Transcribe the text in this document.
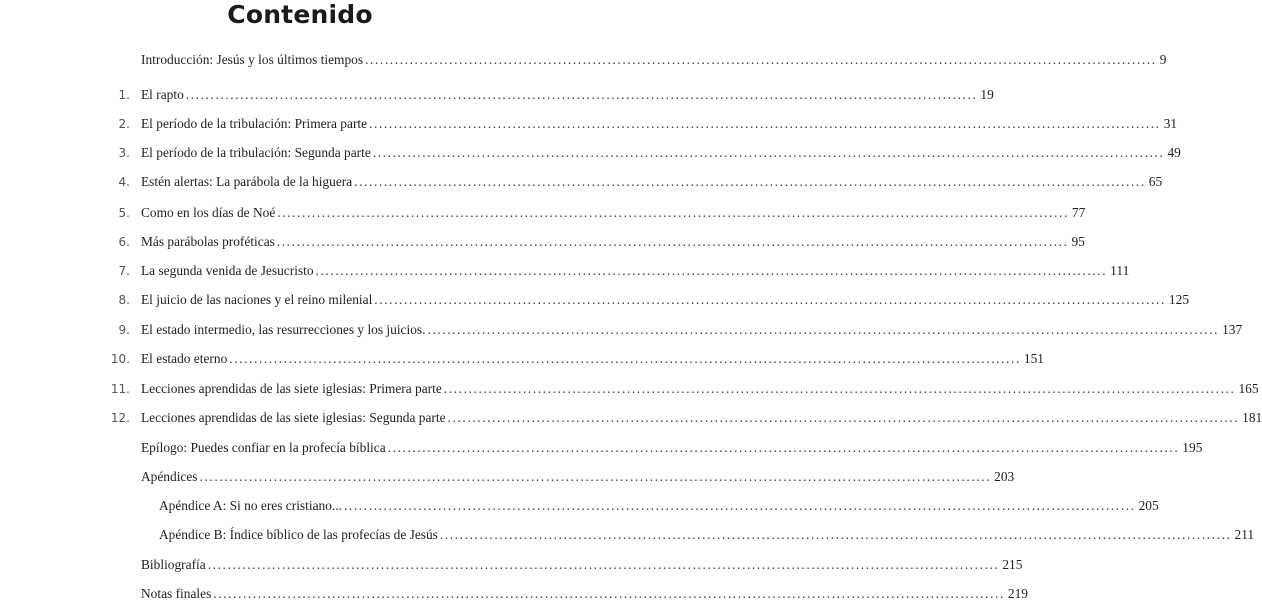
Contenido
Introducción: Jesús y los últimos tiempos ................................................................................................................................................................ 9
1. El rapto ................................................................................................................................................................ 19
2. El período de la tribulación: Primera parte ................................................................................................................................................................ 31
3. El período de la tribulación: Segunda parte ................................................................................................................................................................ 49
4. Estén alertas: La parábola de la higuera ................................................................................................................................................................ 65
5. Como en los días de Noé ................................................................................................................................................................ 77
6. Más parábolas proféticas ................................................................................................................................................................ 95
7. La segunda venida de Jesucristo ................................................................................................................................................................ 111
8. El juicio de las naciones y el reino milenial ................................................................................................................................................................ 125
9. El estado intermedio, las resurrecciones y los juicios. ................................................................................................................................................................ 137
10. El estado eterno ................................................................................................................................................................ 151
11. Lecciones aprendidas de las siete iglesias: Primera parte ................................................................................................................................................................ 165
12. Lecciones aprendidas de las siete iglesias: Segunda parte ................................................................................................................................................................ 181
Epílogo: Puedes confiar en la profecía bíblica ................................................................................................................................................................ 195
Apéndices ................................................................................................................................................................ 203
Apéndice A: Si no eres cristiano... ................................................................................................................................................................ 205
Apéndice B: Índice bíblico de las profecías de Jesús ................................................................................................................................................................ 211
Bibliografía ................................................................................................................................................................ 215
Notas finales ................................................................................................................................................................ 219
